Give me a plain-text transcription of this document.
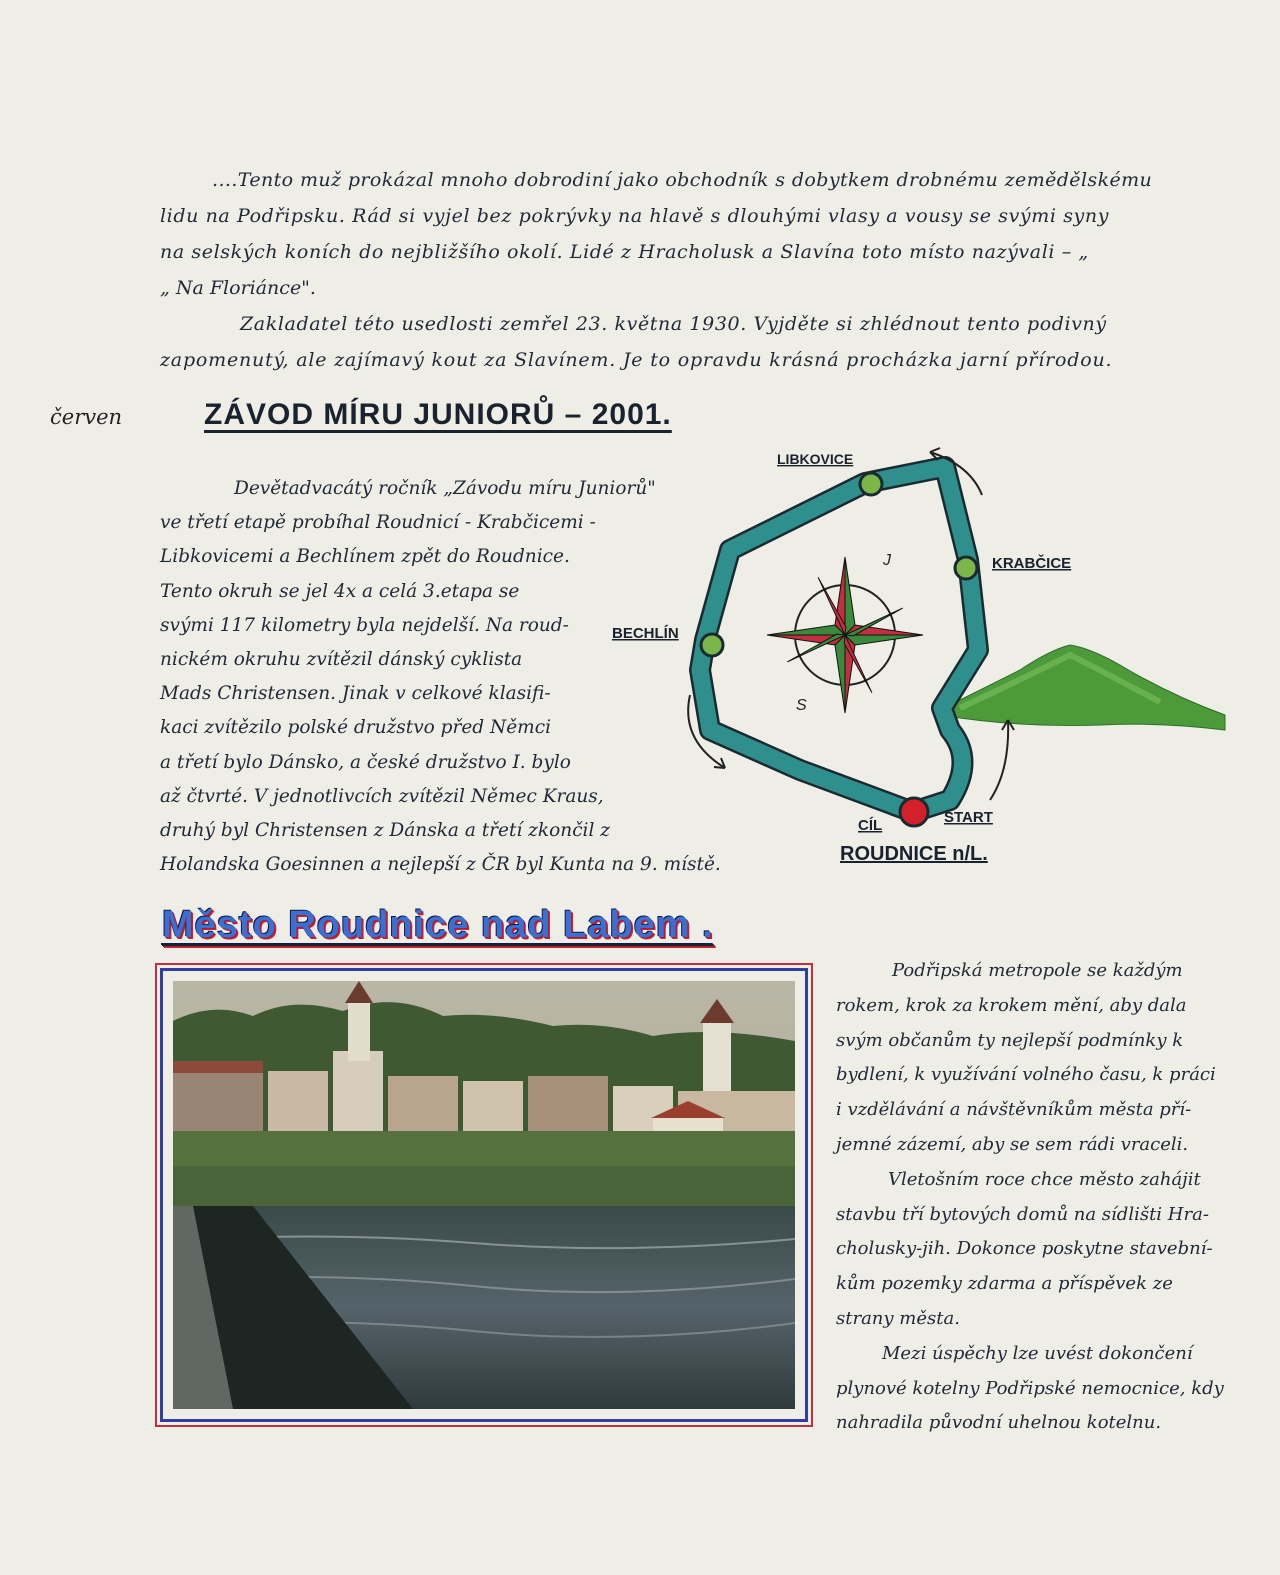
....Tento muž prokázal mnoho dobrodiní jako obchodník s dobytkem drobnému zemědělskému
lidu na Podřipsku. Rád si vyjel bez pokrývky na hlavě s dlouhými vlasy a vousy se svými syny
na selských koních do nejbližšího okolí. Lidé z Hracholusk a Slavína toto místo nazývali – „
„ Na Floriánce".
Zakladatel této usedlosti zemřel 23. května 1930. Vyjděte si zhlédnout tento podivný
zapomenutý, ale zajímavý kout za Slavínem. Je to opravdu krásná procházka jarní přírodou.
červen	ZÁVOD MÍRU JUNIORŮ – 2001.
Devětadvacátý ročník „Závodu míru Juniorů"
ve třetí etapě probíhal Roudnicí - Krabčicemi -
Libkovicemi a Bechlínem zpět do Roudnice.
Tento okruh se jel 4x a celá 3.etapa se
svými 117 kilometry byla nejdelší. Na roud-
nickém okruhu zvítězil dánský cyklista
Mads Christensen. Jinak v celkové klasifi-
kaci zvítězilo polské družstvo před Němci
a třetí bylo Dánsko, a české družstvo I. bylo
až čtvrté. V jednotlivcích zvítězil Němec Kraus,
druhý byl Christensen z Dánska a třetí zkončil z
Holandska Goesinnen a nejlepší z ČR byl Kunta na 9. místě.
J
S
LIBKOVICE
KRABČICE
BECHLÍN
CÍL	START
ROUDNICE n/L.
Město Roudnice nad Labem .
Podřipská metropole se každým
rokem, krok za krokem mění, aby dala
svým občanům ty nejlepší podmínky k
bydlení, k využívání volného času, k práci
i vzdělávání a návštěvníkům města pří-
jemné zázemí, aby se sem rádi vraceli.
Vletošním roce chce město zahájit
stavbu tří bytových domů na sídlišti Hra-
cholusky-jih. Dokonce poskytne stavební-
kům pozemky zdarma a příspěvek ze
strany města.
Mezi úspěchy lze uvést dokončení
plynové kotelny Podřipské nemocnice, kdy
nahradila původní uhelnou kotelnu.
